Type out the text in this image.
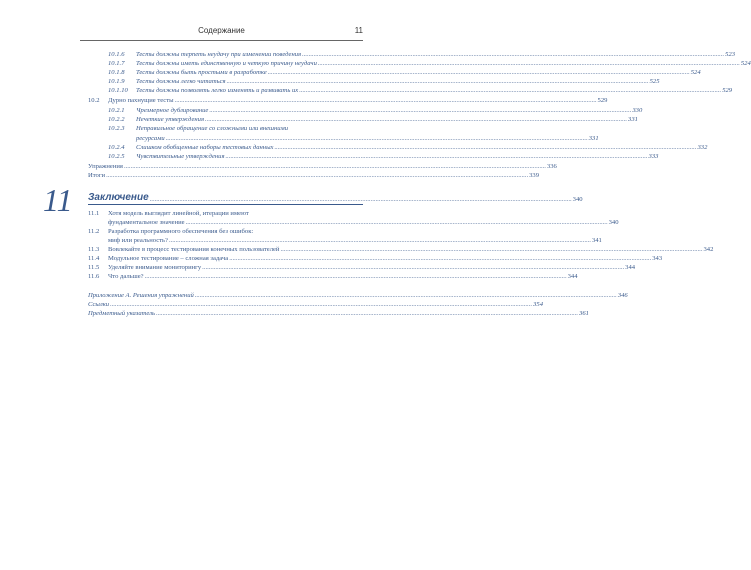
Содержание	11
10.1.6	Тесты должны терпеть неудачу при изменении поведения .....	523
10.1.7	Тесты должны иметь единственную и четкую причину неудачи .....	524
10.1.8	Тесты должны быть простыми в разработке .....	524
10.1.9	Тесты должны легко читаться .....	525
10.1.10	Тесты должны позволять легко изменять и развивать их .....	529
10.2	Дурно пахнущие тесты .....	529
10.2.1	Чрезмерное дублирование .....	330
10.2.2	Нечеткие утверждения .....	331
10.2.3	Неправильное обращение со сложными или внешними
ресурсами .....	331
10.2.4	Слишком обобщенные наборы тестовых данных .....	332
10.2.5	Чувствительные утверждения .....	333
Упражнения .....	336
Итоги .....	339
11 Заключение .....	340
11.1	Хотя модель выглядит линейной, итерации имеют
фундаментальное значение .....	340
11.2	Разработка программного обеспечения без ошибок:
миф или реальность? .....	341
11.3	Вовлекайте в процесс тестирования конечных пользователей .....	342
11.4	Модульное тестирование – сложная задача .....	343
11.5	Уделяйте внимание мониторингу .....	344
11.6	Что дальше? .....	344
Приложение А. Решения упражнений .....	346
Ссылки .....	354
Предметный указатель .....	361
